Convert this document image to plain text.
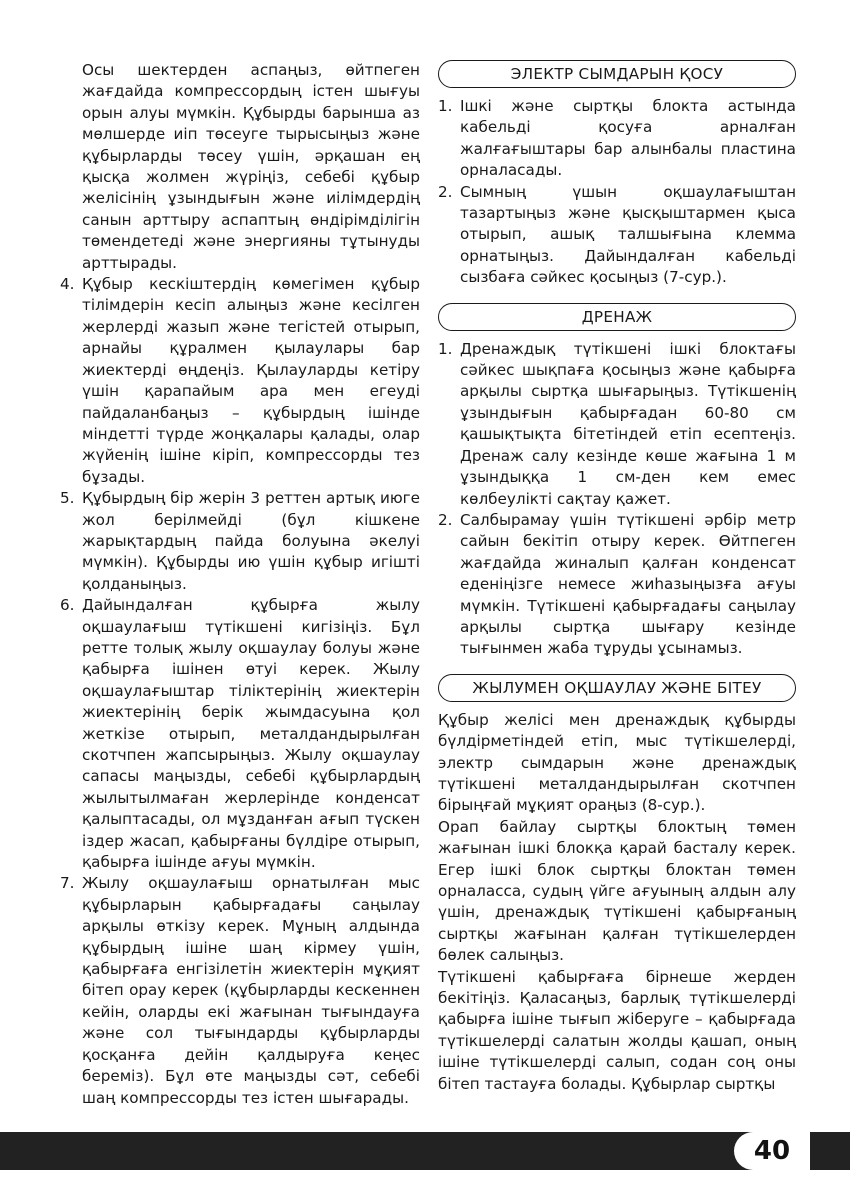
Осы шектерден аспаңыз, өйтпеген жағдайда компрессордың істен шығуы орын алуы мүмкін. Құбырды барынша аз мөлшерде иіп төсеуге тырысыңыз және құбырларды төсеу үшін, әрқашан ең қысқа жолмен жүріңіз, себебі құбыр желісінің ұзындығын және иілімдердің санын арттыру аспаптың өндірімділігін төмендетеді және энергияны тұтынуды арттырады.

4. Құбыр кескіштердің көмегімен құбыр тілімдерін кесіп алыңыз және кесілген жерлерді жазып және тегістей отырып, арнайы құралмен қылаулары бар жиектерді өңдеңіз. Қылауларды кетіру үшін қарапайым ара мен егеуді пайдаланбаңыз – құбырдың ішінде міндетті түрде жоңқалары қалады, олар жүйенің ішіне кіріп, компрессорды тез бұзады.
5. Құбырдың бір жерін 3 реттен артық июге жол берілмейді (бұл кішкене жарықтардың пайда болуына әкелуі мүмкін). Құбырды ию үшін құбыр игішті қолданыңыз.
6. Дайындалған құбырға жылу оқшаулағыш түтікшені кигізіңіз. Бұл ретте толық жылу оқшаулау болуы және қабырға ішінен өтуі керек. Жылу оқшаулағыштар тіліктерінің жиектерін жиектерінің берік жымдасуына қол жеткізе отырып, металдандырылған скотчпен жапсырыңыз. Жылу оқшаулау сапасы маңызды, себебі құбырлардың жылытылмаған жерлерінде конденсат қалыптасады, ол мұзданған ағып түскен іздер жасап, қабырғаны бүлдіре отырып, қабырға ішінде ағуы мүмкін.
7. Жылу оқшаулағыш орнатылған мыс құбырларын қабырғадағы саңылау арқылы өткізу керек. Мұның алдында құбырдың ішіне шаң кірмеу үшін, қабырғаға енгізілетін жиектерін мұқият бітеп орау керек (құбырларды кескеннен кейін, оларды екі жағынан тығындауға және сол тығындарды құбырларды қосқанға дейін қалдыруға кеңес береміз). Бұл өте маңызды сәт, себебі шаң компрессорды тез істен шығарады.
ЭЛЕКТР СЫМДАРЫН ҚОСУ
1. Ішкі және сыртқы блокта астында кабельді қосуға арналған жалғағыштары бар алынбалы пластина орналасады.
2. Сымның үшын оқшаулағыштан тазартыңыз және қысқыштармен қыса отырып, ашық талшығына клемма орнатыңыз. Дайындалған кабельді сызбаға сәйкес қосыңыз (7-сур.).
ДРЕНАЖ
1. Дренаждық түтікшені ішкі блоктағы сәйкес шықпаға қосыңыз және қабырға арқылы сыртқа шығарыңыз. Түтікшенің ұзындығын қабырғадан 60-80 см қашықтықта бітетіндей етіп есептеңіз. Дренаж салу кезінде көше жағына 1 м ұзындыққа 1 см-ден кем емес көлбеулікті сақтау қажет.
2. Салбырамау үшін түтікшені әрбір метр сайын бекітіп отыру керек. Өйтпеген жағдайда жиналып қалған конденсат еденіңізге немесе жиһазыңызға ағуы мүмкін. Түтікшені қабырғадағы саңылау арқылы сыртқа шығару кезінде тығынмен жаба тұруды ұсынамыз.
ЖЫЛУМЕН ОҚШАУЛАУ ЖӘНЕ БІТЕУ

Құбыр желісі мен дренаждық құбырды бүлдірметіндей етіп, мыс түтікшелерді, электр сымдарын және дренаждық түтікшені металдандырылған скотчпен бірыңғай мұқият ораңыз (8-сур.).

Орап байлау сыртқы блоктың төмен жағынан ішкі блокқа қарай басталу керек. Егер ішкі блок сыртқы блоктан төмен орналасса, судың үйге ағуының алдын алу үшін, дренаждық түтікшені қабырғаның сыртқы жағынан қалған түтікшелерден бөлек салыңыз.

Түтікшені қабырғаға бірнеше жерден бекітіңіз. Қаласаңыз, барлық түтікшелерді қабырға ішіне тығып жіберуге – қабырғада түтікшелерді салатын жолды қашап, оның ішіне түтікшелерді салып, содан соң оны бітеп тастауға болады. Құбырлар сыртқы

40
